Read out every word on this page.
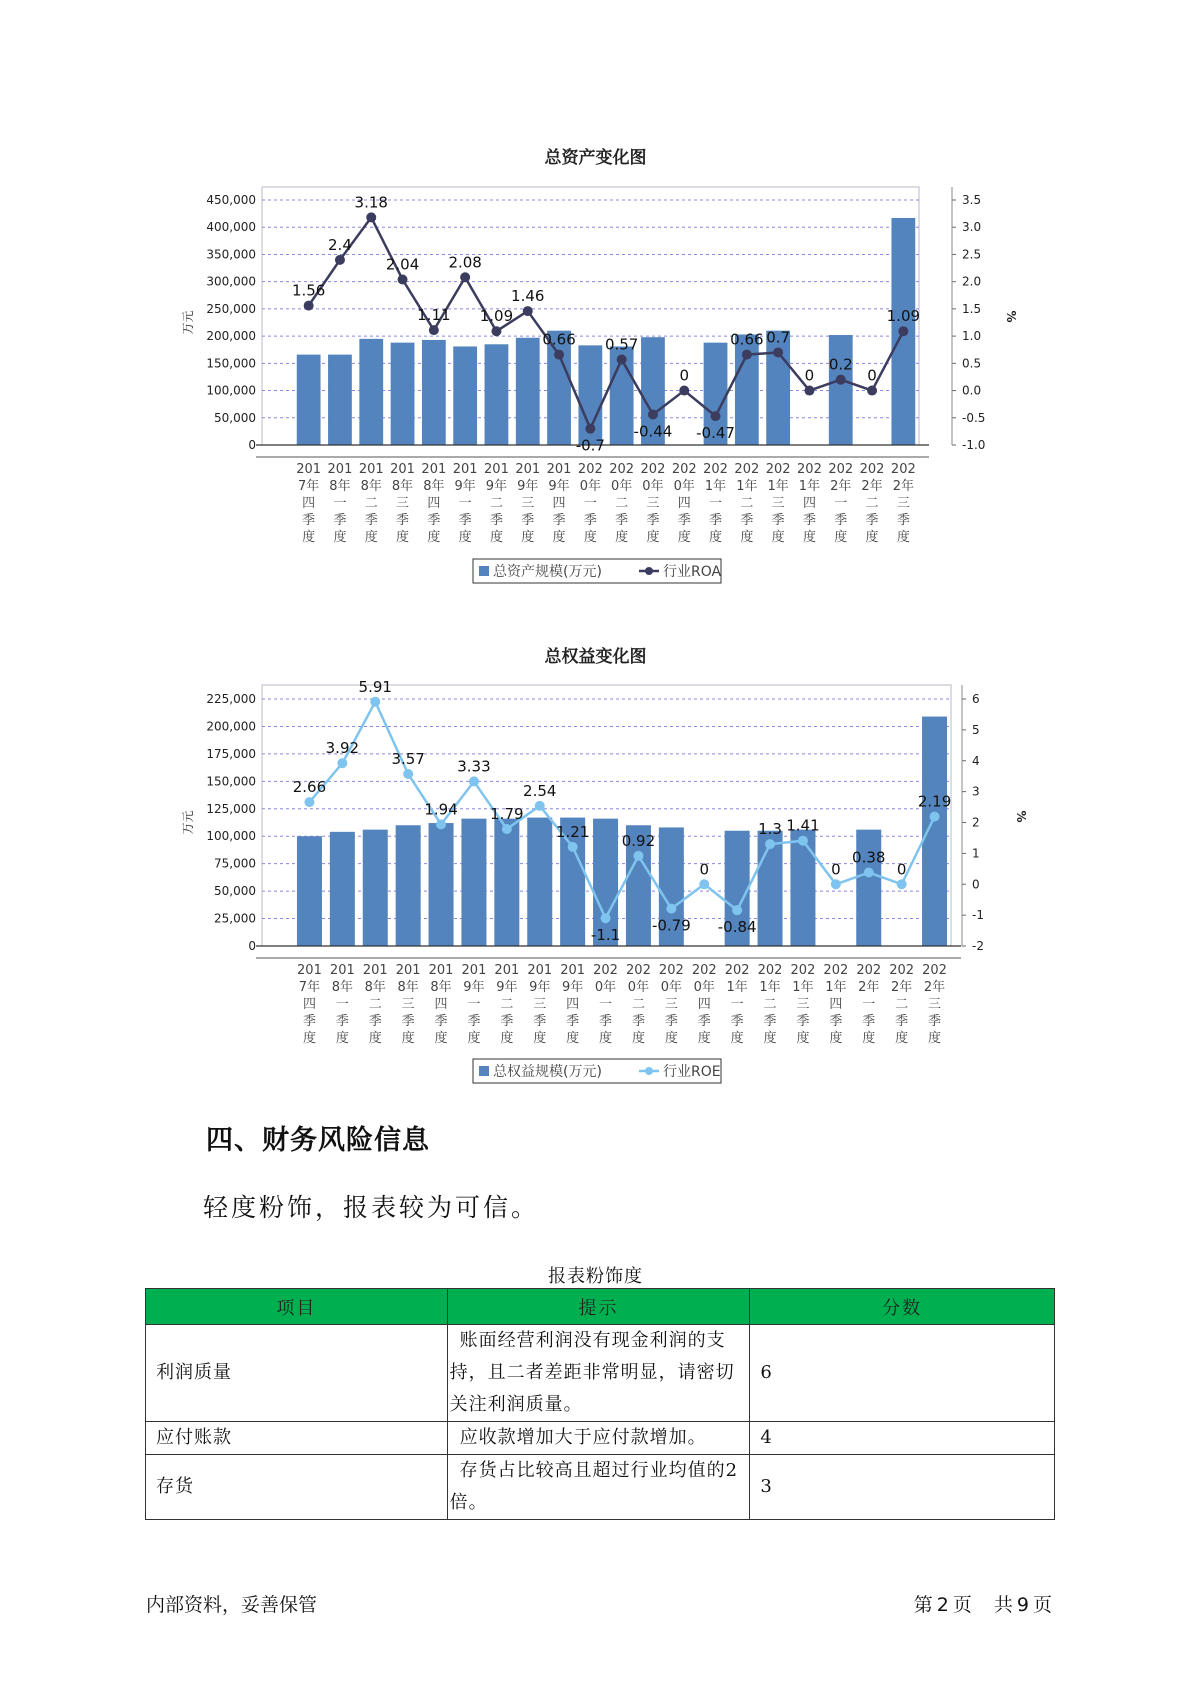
总资产变化图
450,000
400,000
350,000
300,000
250,000
200,000
150,000
100,000
50,000
0
3.5
3.0
2.5
2.0
1.5
1.0
0.5
0.0
-0.5
-1.0
万元	%
201
7年
四
季
度
201
8年
一
季
度
201
8年
二
季
度
201
8年
三
季
度
201
8年
四
季
度
201
9年
一
季
度
201
9年
二
季
度
201
9年
三
季
度
201
9年
四
季
度
202
0年
一
季
度
202
0年
二
季
度
202
0年
三
季
度
202
0年
四
季
度
202
1年
一
季
度
202
1年
二
季
度
202
1年
三
季
度
202
1年
四
季
度
202
2年
一
季
度
202
2年
二
季
度
202
2年
三
季
度
1.56
2.4
3.18
2.04
1.11
2.08
1.09
1.46
0.66
-0.7
0.57
-0.44
0
-0.47
0.66 0.7
0
0.2
0
1.09
总资产规模(万元)	行业ROA
总权益变化图
225,000
200,000
175,000
150,000
125,000
100,000
75,000
50,000
25,000
0
6
5
4
3
2
1
0
-1
-2
万元	%
201
7年
四
季
度
201
8年
一
季
度
201
8年
二
季
度
201
8年
三
季
度
201
8年
四
季
度
201
9年
一
季
度
201
9年
二
季
度
201
9年
三
季
度
201
9年
四
季
度
202
0年
一
季
度
202
0年
二
季
度
202
0年
三
季
度
202
0年
四
季
度
202
1年
一
季
度
202
1年
二
季
度
202
1年
三
季
度
202
1年
四
季
度
202
2年
一
季
度
202
2年
二
季
度
202
2年
三
季
度
2.66
3.92
5.91
3.57
1.94
3.33
1.79
2.54
1.21
-1.1
0.92
-0.79
0
-0.84
1.3 1.41
0
0.38
0
2.19
总权益规模(万元)	行业ROE
四、财务风险信息
轻度粉饰，报表较为可信。
报表粉饰度
项目	提示	分数
利润质量	账面经营利润没有现金利润的支持，且二者差距非常明显，请密切关注利润质量。	6
应付账款	应收款增加大于应付款增加。	4
存货	存货占比较高且超过行业均值的2倍。	3
内部资料，妥善保管	第 2 页 共 9 页
